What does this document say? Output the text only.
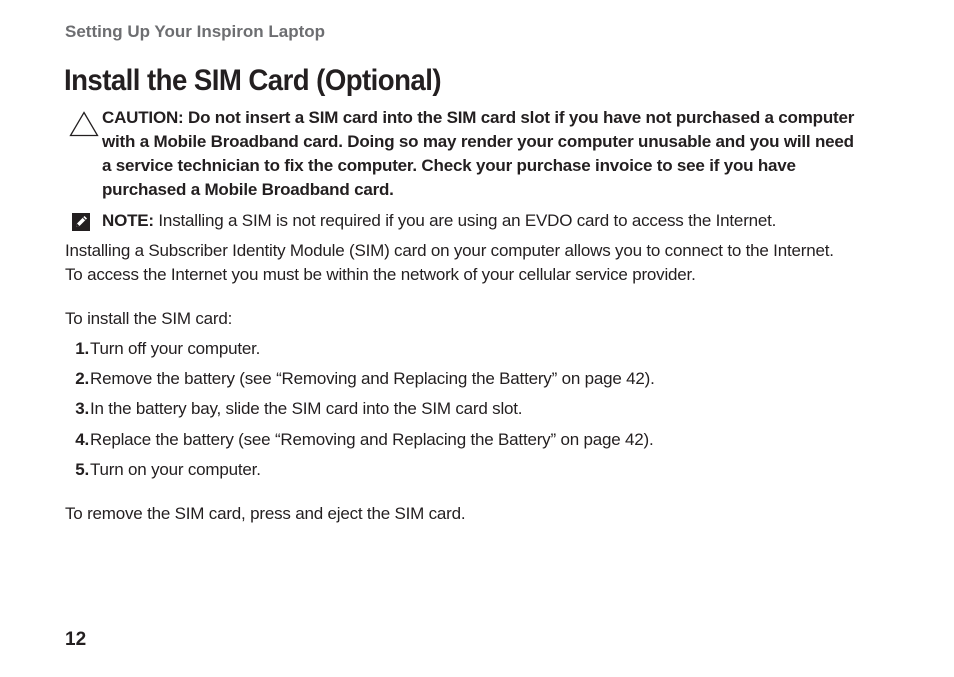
Setting Up Your Inspiron Laptop
Install the SIM Card (Optional)

CAUTION: Do not insert a SIM card into the SIM card slot if you have not purchased a computer with a Mobile Broadband card. Doing so may render your computer unusable and you will need a service technician to fix the computer. Check your purchase invoice to see if you have purchased a Mobile Broadband card.

NOTE: Installing a SIM is not required if you are using an EVDO card to access the Internet.

Installing a Subscriber Identity Module (SIM) card on your computer allows you to connect to the Internet. To access the Internet you must be within the network of your cellular service provider.

To install the SIM card:

1. Turn off your computer.
2. Remove the battery (see “Removing and Replacing the Battery” on page 42).
3. In the battery bay, slide the SIM card into the SIM card slot.
4. Replace the battery (see “Removing and Replacing the Battery” on page 42).
5. Turn on your computer.

To remove the SIM card, press and eject the SIM card.

12
